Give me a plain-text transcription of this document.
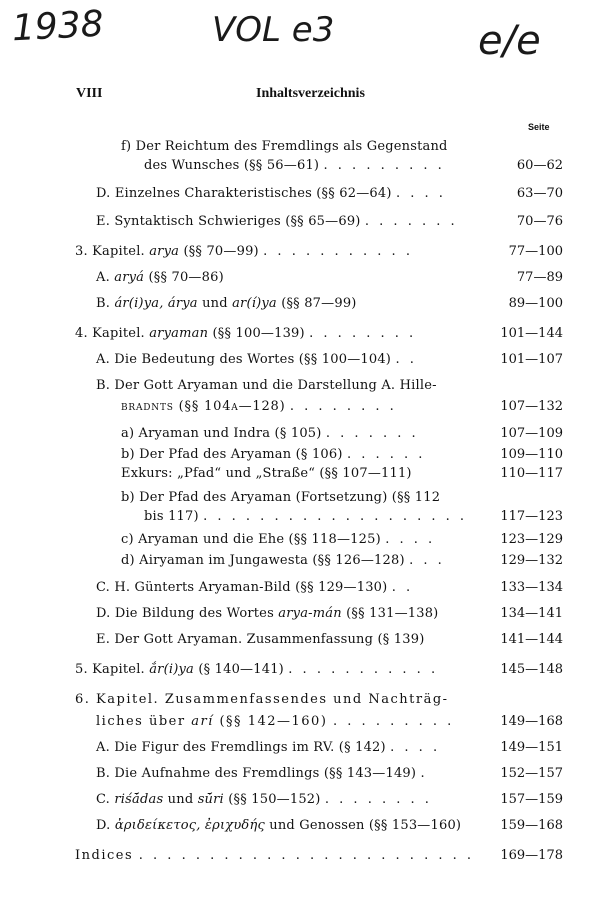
1938	VOL e3	e/e
VIII	Inhaltsverzeichnis
Seite
f) Der Reichtum des Fremdlings als Gegenstand
des Wunsches (§§ 56—61) . . . . . . . . .	60—62
D. Einzelnes Charakteristisches (§§ 62—64) . . . .	63—70
E. Syntaktisch Schwieriges (§§ 65—69) . . . . . . .	70—76
3. Kapitel. arya (§§ 70—99) . . . . . . . . . . .	77—100
A. aryá (§§ 70—86)	77—89
B. ár(i)ya, árya und ar(í)ya (§§ 87—99)	89—100
4. Kapitel. aryaman (§§ 100—139) . . . . . . . .	101—144
A. Die Bedeutung des Wortes (§§ 100—104) . .	101—107
B. Der Gott Aryaman und die Darstellung A. Hille-
bradnts (§§ 104a—128) . . . . . . . .	107—132
a) Aryaman und Indra (§ 105) . . . . . . .	107—109
b) Der Pfad des Aryaman (§ 106) . . . . . .	109—110
Exkurs: „Pfad“ und „Straße“ (§§ 107—111)	110—117
b) Der Pfad des Aryaman (Fortsetzung) (§§ 112
bis 117) . . . . . . . . . . . . . . . . . . .	117—123
c) Aryaman und die Ehe (§§ 118—125) . . . .	123—129
d) Airyaman im Jungawesta (§§ 126—128) . . .	129—132
C. H. Günterts Aryaman-Bild (§§ 129—130) . .	133—134
D. Die Bildung des Wortes arya-mán (§§ 131—138)	134—141
E. Der Gott Aryaman. Zusammenfassung (§ 139)	141—144
5. Kapitel. ắr(i)ya (§ 140—141) . . . . . . . . . . .	145—148
6. Kapitel. Zusammenfassendes und Nachträg-
liches über arí (§§ 142—160) . . . . . . . . .	149—168
A. Die Figur des Fremdlings im RV. (§ 142) . . . .	149—151
B. Die Aufnahme des Fremdlings (§§ 143—149) .	152—157
C. riśā́das und sū́ri (§§ 150—152) . . . . . . . .	157—159
D. ἀριδείκετος, ἐριχυδής und Genossen (§§ 153—160)	159—168
Indices . . . . . . . . . . . . . . . . . . . . . . . .	169—178
